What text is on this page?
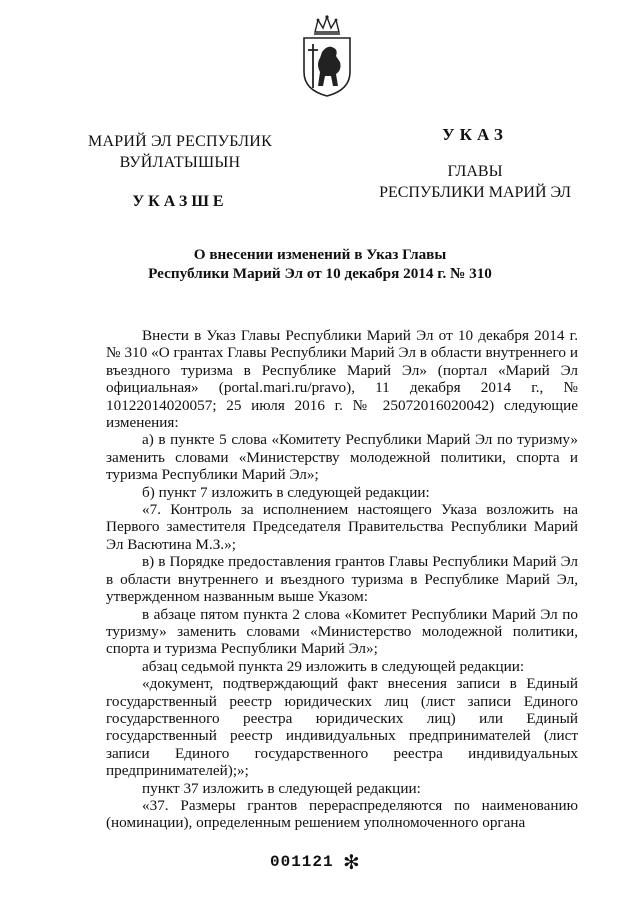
МАРИЙ ЭЛ РЕСПУБЛИК
ВУЙЛАТЫШЫН
УКАЗШЕ
УКАЗ
ГЛАВЫ
РЕСПУБЛИКИ МАРИЙ ЭЛ
О внесении изменений в Указ Главы
Республики Марий Эл от 10 декабря 2014 г. № 310

Внести в Указ Главы Республики Марий Эл от 10 декабря 2014 г. № 310 «О грантах Главы Республики Марий Эл в области внутреннего и въездного туризма в Республике Марий Эл» (портал «Марий Эл официальная» (portal.mari.ru/pravo), 11 декабря 2014 г., № 10122014020057; 25 июля 2016 г. № 25072016020042) следующие изменения:

а) в пункте 5 слова «Комитету Республики Марий Эл по туризму» заменить словами «Министерству молодежной политики, спорта и туризма Республики Марий Эл»;

б) пункт 7 изложить в следующей редакции:

«7. Контроль за исполнением настоящего Указа возложить на Первого заместителя Председателя Правительства Республики Марий Эл Васютина М.З.»;

в) в Порядке предоставления грантов Главы Республики Марий Эл в области внутреннего и въездного туризма в Республике Марий Эл, утвержденном названным выше Указом:

в абзаце пятом пункта 2 слова «Комитет Республики Марий Эл по туризму» заменить словами «Министерство молодежной политики, спорта и туризма Республики Марий Эл»;

абзац седьмой пункта 29 изложить в следующей редакции:

«документ, подтверждающий факт внесения записи в Единый государственный реестр юридических лиц (лист записи Единого государственного реестра юридических лиц) или Единый государственный реестр индивидуальных предпринимателей (лист записи Единого государственного реестра индивидуальных предпринимателей);»;

пункт 37 изложить в следующей редакции:

«37. Размеры грантов перераспределяются по наименованию (номинации), определенным решением уполномоченного органа

001121 ✻
